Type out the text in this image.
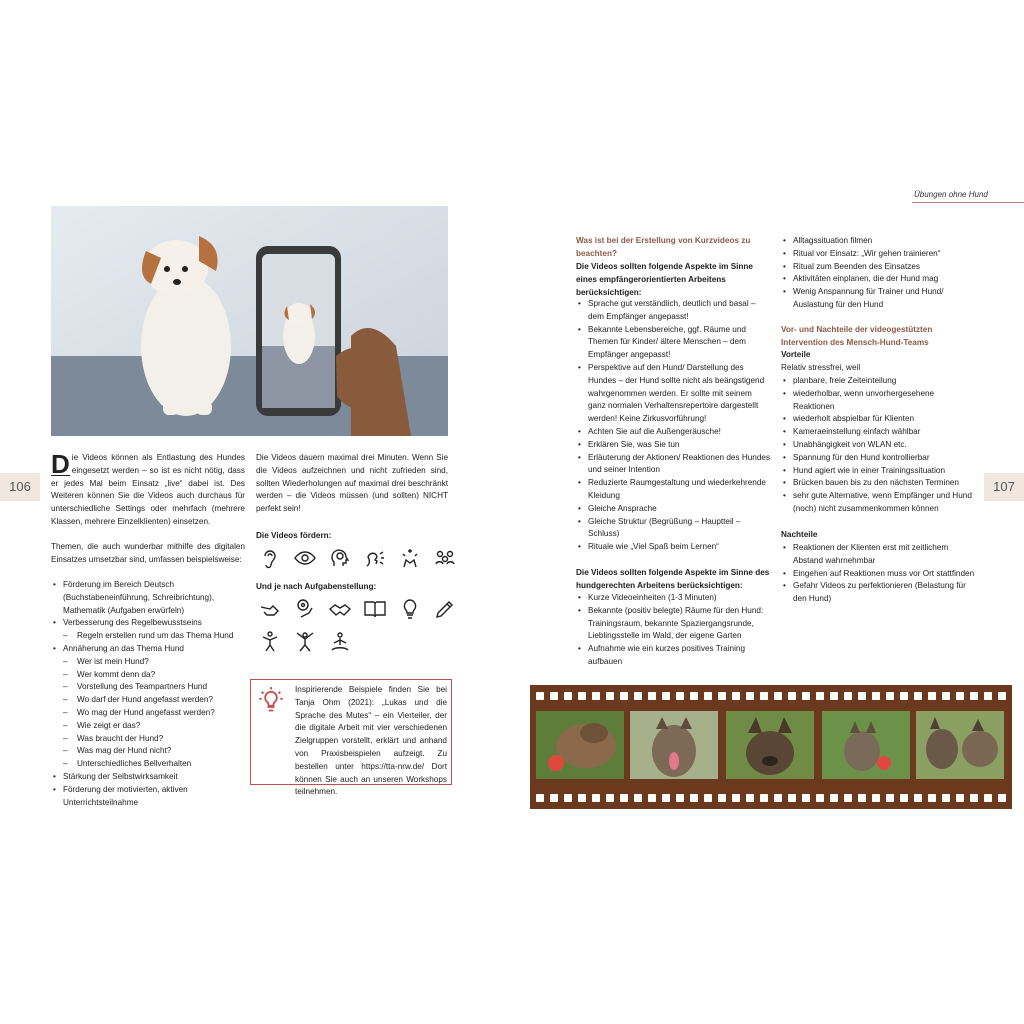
Übungen ohne Hund
106	107
D ie Videos können als Entlastung des Hundes eingesetzt werden – so ist es nicht nötig, dass er jedes Mal beim Einsatz „live“ dabei ist. Des Weiteren können Sie die Videos auch durchaus für unterschiedliche Settings oder mehrfach (mehrere Klassen, mehrere Einzelklienten) einsetzen.
Themen, die auch wunderbar mithilfe des digitalen Einsatzes umsetzbar sind, umfassen beispielsweise:
• Förderung im Bereich Deutsch (Buchstabeneinführung, Schreibrichtung), Mathematik (Aufgaben erwürfeln)
• Verbesserung des Regelbewusstseins
– Regeln erstellen rund um das Thema Hund
• Annäherung an das Thema Hund
– Wer ist mein Hund?
– Wer kommt denn da?
– Vorstellung des Teampartners Hund
– Wo darf der Hund angefasst werden?
– Wo mag der Hund angefasst werden?
– Wie zeigt er das?
– Was braucht der Hund?
– Was mag der Hund nicht?
– Unterschiedliches Bellverhalten
• Stärkung der Selbstwirksamkeit
• Förderung der motivierten, aktiven Unterrichtsteilnahme
Die Videos dauern maximal drei Minuten. Wenn Sie die Videos aufzeichnen und nicht zufrieden sind, sollten Wiederholungen auf maximal drei beschränkt werden – die Videos müssen (und sollten) NICHT perfekt sein!
Die Videos fördern:
Und je nach Aufgabenstellung:
Inspirierende Beispiele finden Sie bei Tanja Ohm (2021): „Lukas und die Sprache des Mutes“ – ein Vierteiler, der die digitale Arbeit mit vier verschiedenen Zielgruppen vorstellt, erklärt und anhand von Praxisbeispielen aufzeigt. Zu bestellen unter https://tta-nrw.de/ Dort können Sie auch an unseren Workshops teilnehmen.
Was ist bei der Erstellung von Kurzvideos zu beachten?
Die Videos sollten folgende Aspekte im Sinne eines empfängerorientierten Arbeitens berücksichtigen:
• Sprache gut verständlich, deutlich und basal – dem Empfänger angepasst!
• Bekannte Lebensbereiche, ggf. Räume und Themen für Kinder/ ältere Menschen – dem Empfänger angepasst!
• Perspektive auf den Hund/ Darstellung des Hundes – der Hund sollte nicht als beängstigend wahrgenommen werden. Er sollte mit seinem ganz normalen Verhaltensrepertoire dargestellt werden! Keine Zirkusvorführung!
• Achten Sie auf die Außengeräusche!
• Erklären Sie, was Sie tun
• Erläuterung der Aktionen/ Reaktionen des Hundes und seiner Intention
• Reduzierte Raumgestaltung und wiederkehrende Kleidung
• Gleiche Ansprache
• Gleiche Struktur (Begrüßung – Hauptteil – Schluss)
• Rituale wie „Viel Spaß beim Lernen“
Die Videos sollten folgende Aspekte im Sinne des hundgerechten Arbeitens berücksichtigen:
• Kurze Videoeinheiten (1-3 Minuten)
• Bekannte (positiv belegte) Räume für den Hund: Trainingsraum, bekannte Spaziergangsrunde, Lieblingsstelle im Wald, der eigene Garten
• Aufnahme wie ein kurzes positives Training aufbauen
• Alltagssituation filmen
• Ritual vor Einsatz: „Wir gehen trainieren“
• Ritual zum Beenden des Einsatzes
• Aktivitäten einplanen, die der Hund mag
• Wenig Anspannung für Trainer und Hund/ Auslastung für den Hund
Vor- und Nachteile der videogestützten Intervention des Mensch-Hund-Teams
Vorteile
Relativ stressfrei, weil
• planbare, freie Zeiteinteilung
• wiederholbar, wenn unvorhergesehene Reaktionen
• wiederholt abspielbar für Klienten
• Kameraeinstellung einfach wählbar
• Unabhängigkeit von WLAN etc.
• Spannung für den Hund kontrollierbar
• Hund agiert wie in einer Trainingssituation
• Brücken bauen bis zu den nächsten Terminen
• sehr gute Alternative, wenn Empfänger und Hund (noch) nicht zusammenkommen können
Nachteile
• Reaktionen der Klienten erst mit zeitlichem Abstand wahrnehmbar
• Eingehen auf Reaktionen muss vor Ort stattfinden
• Gefahr Videos zu perfektionieren (Belastung für den Hund)
